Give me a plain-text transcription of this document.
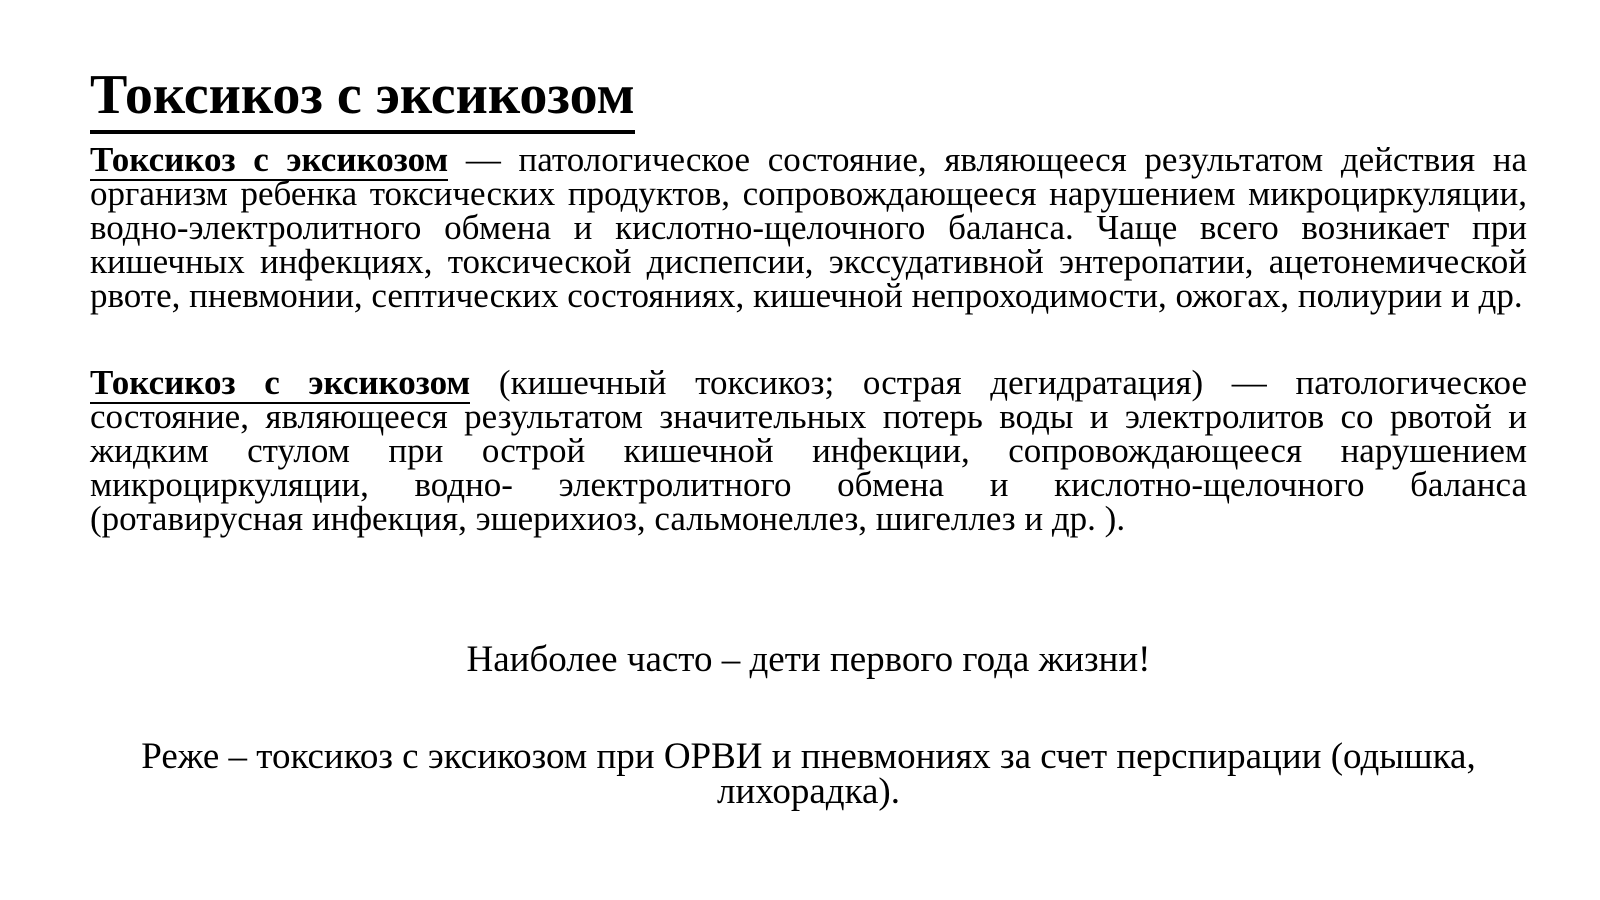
Токсикоз с эксикозом

Токсикоз с эксикозом — патологическое состояние, являющееся результатом действия на организм ребенка токсических продуктов, сопровождающееся нарушением микроциркуляции, водно-электролитного обмена и кислотно-щелочного баланса. Чаще всего возникает при кишечных инфекциях, токсической диспепсии, экссудативной энтеропатии, ацетонемической рвоте, пневмонии, септических состояниях, кишечной непроходимости, ожогах, полиурии и др.

Токсикоз с эксикозом (кишечный токсикоз; острая дегидратация) — патологическое состояние, являющееся результатом значительных потерь воды и электролитов со рвотой и жидким стулом при острой кишечной инфекции, сопровождающееся нарушением микроциркуляции, водно- электролитного обмена и кислотно-щелочного баланса (ротавирусная инфекция, эшерихиоз, сальмонеллез, шигеллез и др. ).

Наиболее часто – дети первого года жизни!

Реже – токсикоз с эксикозом при ОРВИ и пневмониях за счет перспирации (одышка, лихорадка).
